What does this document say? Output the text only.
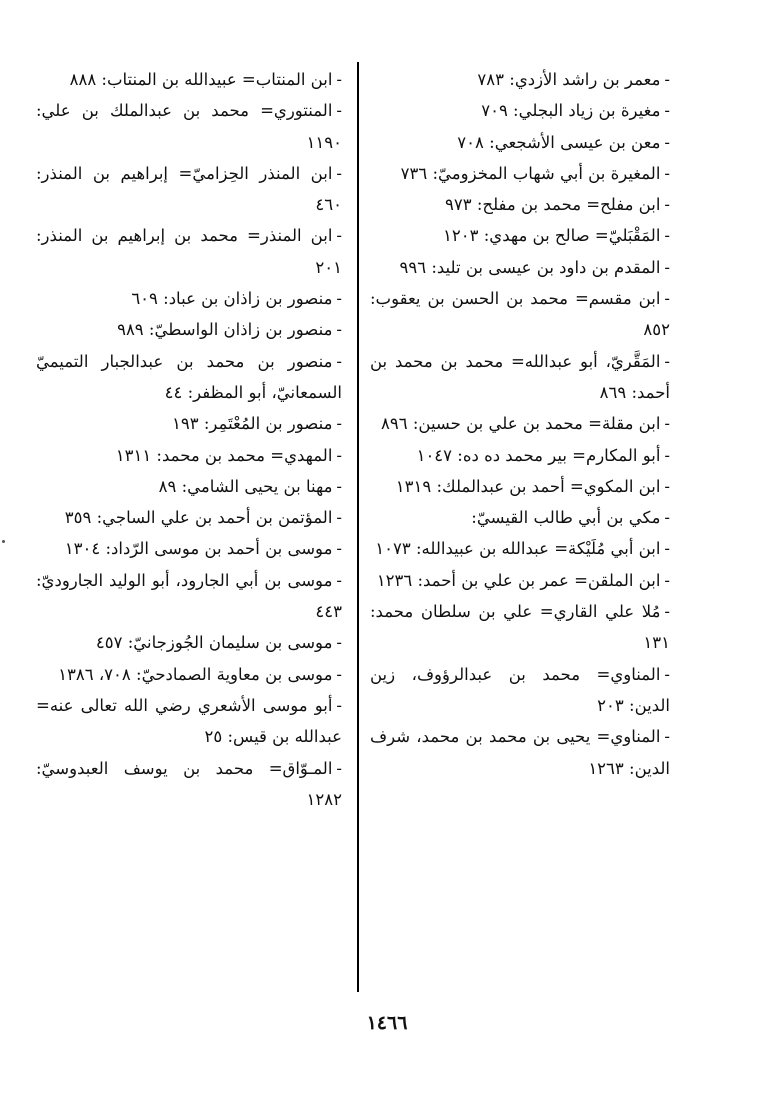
-معمر بن راشد الأزدي: ٧٨٣

-مغيرة بن زياد البجلي: ٧٠٩

-معن بن عيسى الأشجعي: ٧٠٨

-المغيرة بن أبي شهاب المخزوميّ: ٧٣٦

-ابن مفلح= محمد بن مفلح: ٩٧٣

-المَقْبَليّ= صالح بن مهدي: ١٢٠٣

-المقدم بن داود بن عيسى بن تليد: ٩٩٦

-ابن مقسم= محمد بن الحسن بن يعقوب: ٨٥٢

-المَقَّريّ، أبو عبدالله= محمد بن محمد بن أحمد: ٨٦٩

-ابن مقلة= محمد بن علي بن حسين: ٨٩٦

-أبو المكارم= بير محمد ده ده: ١٠٤٧

-ابن المكوي= أحمد بن عبدالملك: ١٣١٩

-مكي بن أبي طالب القيسيّ:

-ابن أبي مُلَيْكة= عبدالله بن عبيدالله: ١٠٧٣

-ابن الملقن= عمر بن علي بن أحمد: ١٢٣٦

-مُلا علي القاري= علي بن سلطان محمد: ١٣١

-المناوي= محمد بن عبدالرؤوف، زين الدين: ٢٠٣

-المناوي= يحيى بن محمد بن محمد، شرف الدين: ١٢٦٣

-ابن المنتاب= عبيدالله بن المنتاب: ٨٨٨

-المنتوري= محمد بن عبدالملك بن علي: ١١٩٠

-ابن المنذر الحِزاميّ= إبراهيم بن المنذر: ٤٦٠

-ابن المنذر= محمد بن إبراهيم بن المنذر: ٢٠١

-منصور بن زاذان بن عباد: ٦٠٩

-منصور بن زاذان الواسطيّ: ٩٨٩

-منصور بن محمد بن عبدالجبار التميميّ السمعانيّ، أبو المظفر: ٤٤

-منصور بن المُعْتَمِر: ١٩٣

-المهدي= محمد بن محمد: ١٣١١

-مهنا بن يحيى الشامي: ٨٩

-المؤتمن بن أحمد بن علي الساجي: ٣٥٩

-موسى بن أحمد بن موسى الرّداد: ١٣٠٤

-موسى بن أبي الجارود، أبو الوليد الجاروديّ: ٤٤٣

-موسى بن سليمان الجُوزجانيّ: ٤٥٧

-موسى بن معاوية الصمادحيّ: ٧٠٨، ١٣٨٦

-أبو موسى الأشعري رضي الله تعالى عنه= عبدالله بن قيس: ٢٥

-المـوّاق= محمد بن يوسف العبدوسيّ: ١٢٨٢

١٤٦٦
